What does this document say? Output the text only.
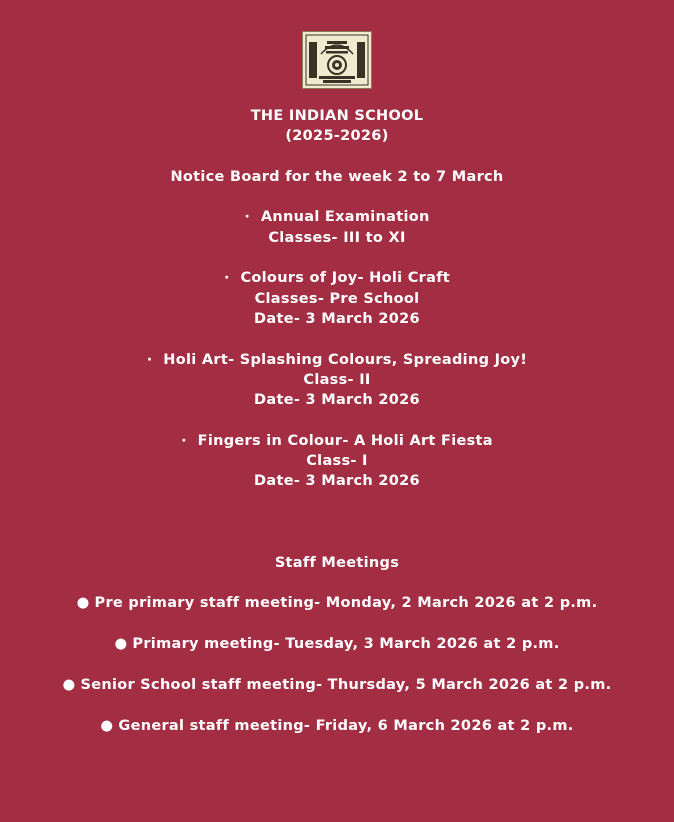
THE INDIAN SCHOOL
(2025-2026)
Notice Board for the week 2 to 7 March
·  Annual Examination
Classes- III to XI
·  Colours of Joy- Holi Craft
Classes- Pre School
Date- 3 March 2026
·  Holi Art- Splashing Colours, Spreading Joy!
Class- II
Date- 3 March 2026
·  Fingers in Colour- A Holi Art Fiesta
Class- I
Date- 3 March 2026
Staff Meetings
● Pre primary staff meeting- Monday, 2 March 2026 at 2 p.m.
● Primary meeting- Tuesday, 3 March 2026 at 2 p.m.
● Senior School staff meeting- Thursday, 5 March 2026 at 2 p.m.
● General staff meeting- Friday, 6 March 2026 at 2 p.m.
